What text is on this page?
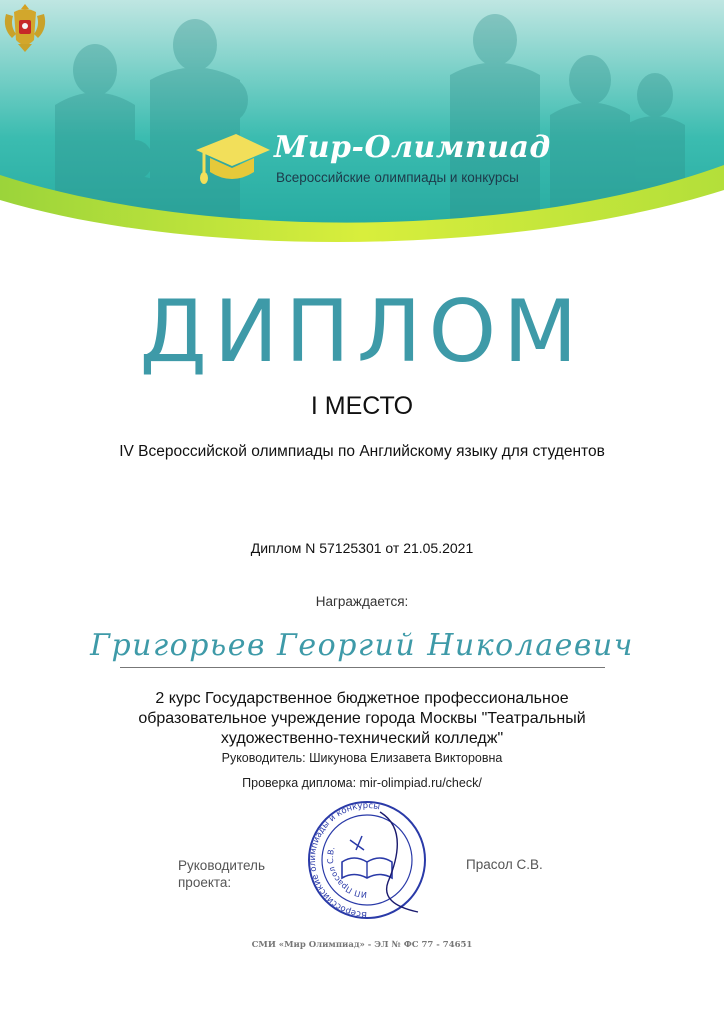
Мир-Олимпиад
Всероссийские олимпиады и конкурсы
ДИПЛОМ
I МЕСТО
IV Всероссийской олимпиады по Английскому языку для студентов
Диплом N 57125301 от 21.05.2021
Награждается:
Григорьев Георгий Николаевич
2 курс Государственное бюджетное профессиональное образовательное учреждение города Москвы "Театральный художественно-технический колледж"
Руководитель: Шикунова Елизавета Викторовна
Проверка диплома: mir-olimpiad.ru/check/
Всероссийские олимпиады и конкурсы
ИП Прасол С.В.
Руководитель проекта:
Прасол С.В.
СМИ «Мир Олимпиад» - ЭЛ № ФС 77 - 74651
